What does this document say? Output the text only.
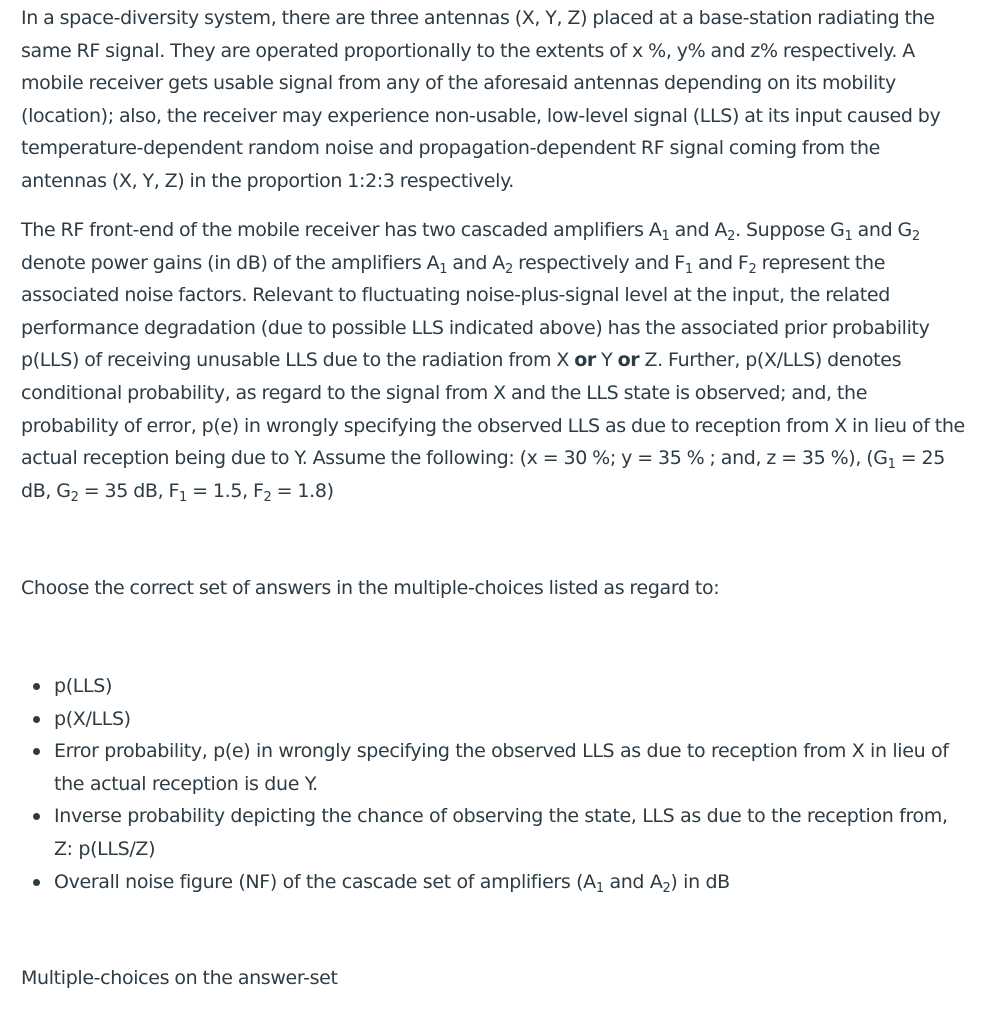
In a space-diversity system, there are three antennas (X, Y, Z) placed at a base-station radiating the same RF signal. They are operated proportionally to the extents of x %, y% and z% respectively. A mobile receiver gets usable signal from any of the aforesaid antennas depending on its mobility (location); also, the receiver may experience non-usable, low-level signal (LLS) at its input caused by temperature-dependent random noise and propagation-dependent RF signal coming from the antennas (X, Y, Z) in the proportion 1:2:3 respectively.

The RF front-end of the mobile receiver has two cascaded amplifiers $A_1$ and $A_2$. Suppose $G_1$ and $G_2$ denote power gains (in dB) of the amplifiers $A_1$ and $A_2$ respectively and $F_1$ and $F_2$ represent the associated noise factors. Relevant to fluctuating noise-plus-signal level at the input, the related performance degradation (due to possible LLS indicated above) has the associated prior probability p(LLS) of receiving unusable LLS due to the radiation from X or Y or Z. Further, p(X/LLS) denotes conditional probability, as regard to the signal from X and the LLS state is observed; and, the probability of error, p(e) in wrongly specifying the observed LLS as due to reception from X in lieu of the actual reception being due to Y. Assume the following: (x = 30 %; y = 35 % ; and, z = 35 %), ($G_1 = 25$ dB, $G_2 = 35$ dB, $F_1 = 1.5$, $F_2 = 1.8$)

Choose the correct set of answers in the multiple-choices listed as regard to:

p(LLS)
p(X/LLS)
Error probability, p(e) in wrongly specifying the observed LLS as due to reception from X in lieu of the actual reception is due Y.
Inverse probability depicting the chance of observing the state, LLS as due to the reception from, Z: p(LLS/Z)
Overall noise figure (NF) of the cascade set of amplifiers ($A_1$ and $A_2$) in dB

Multiple-choices on the answer-set
